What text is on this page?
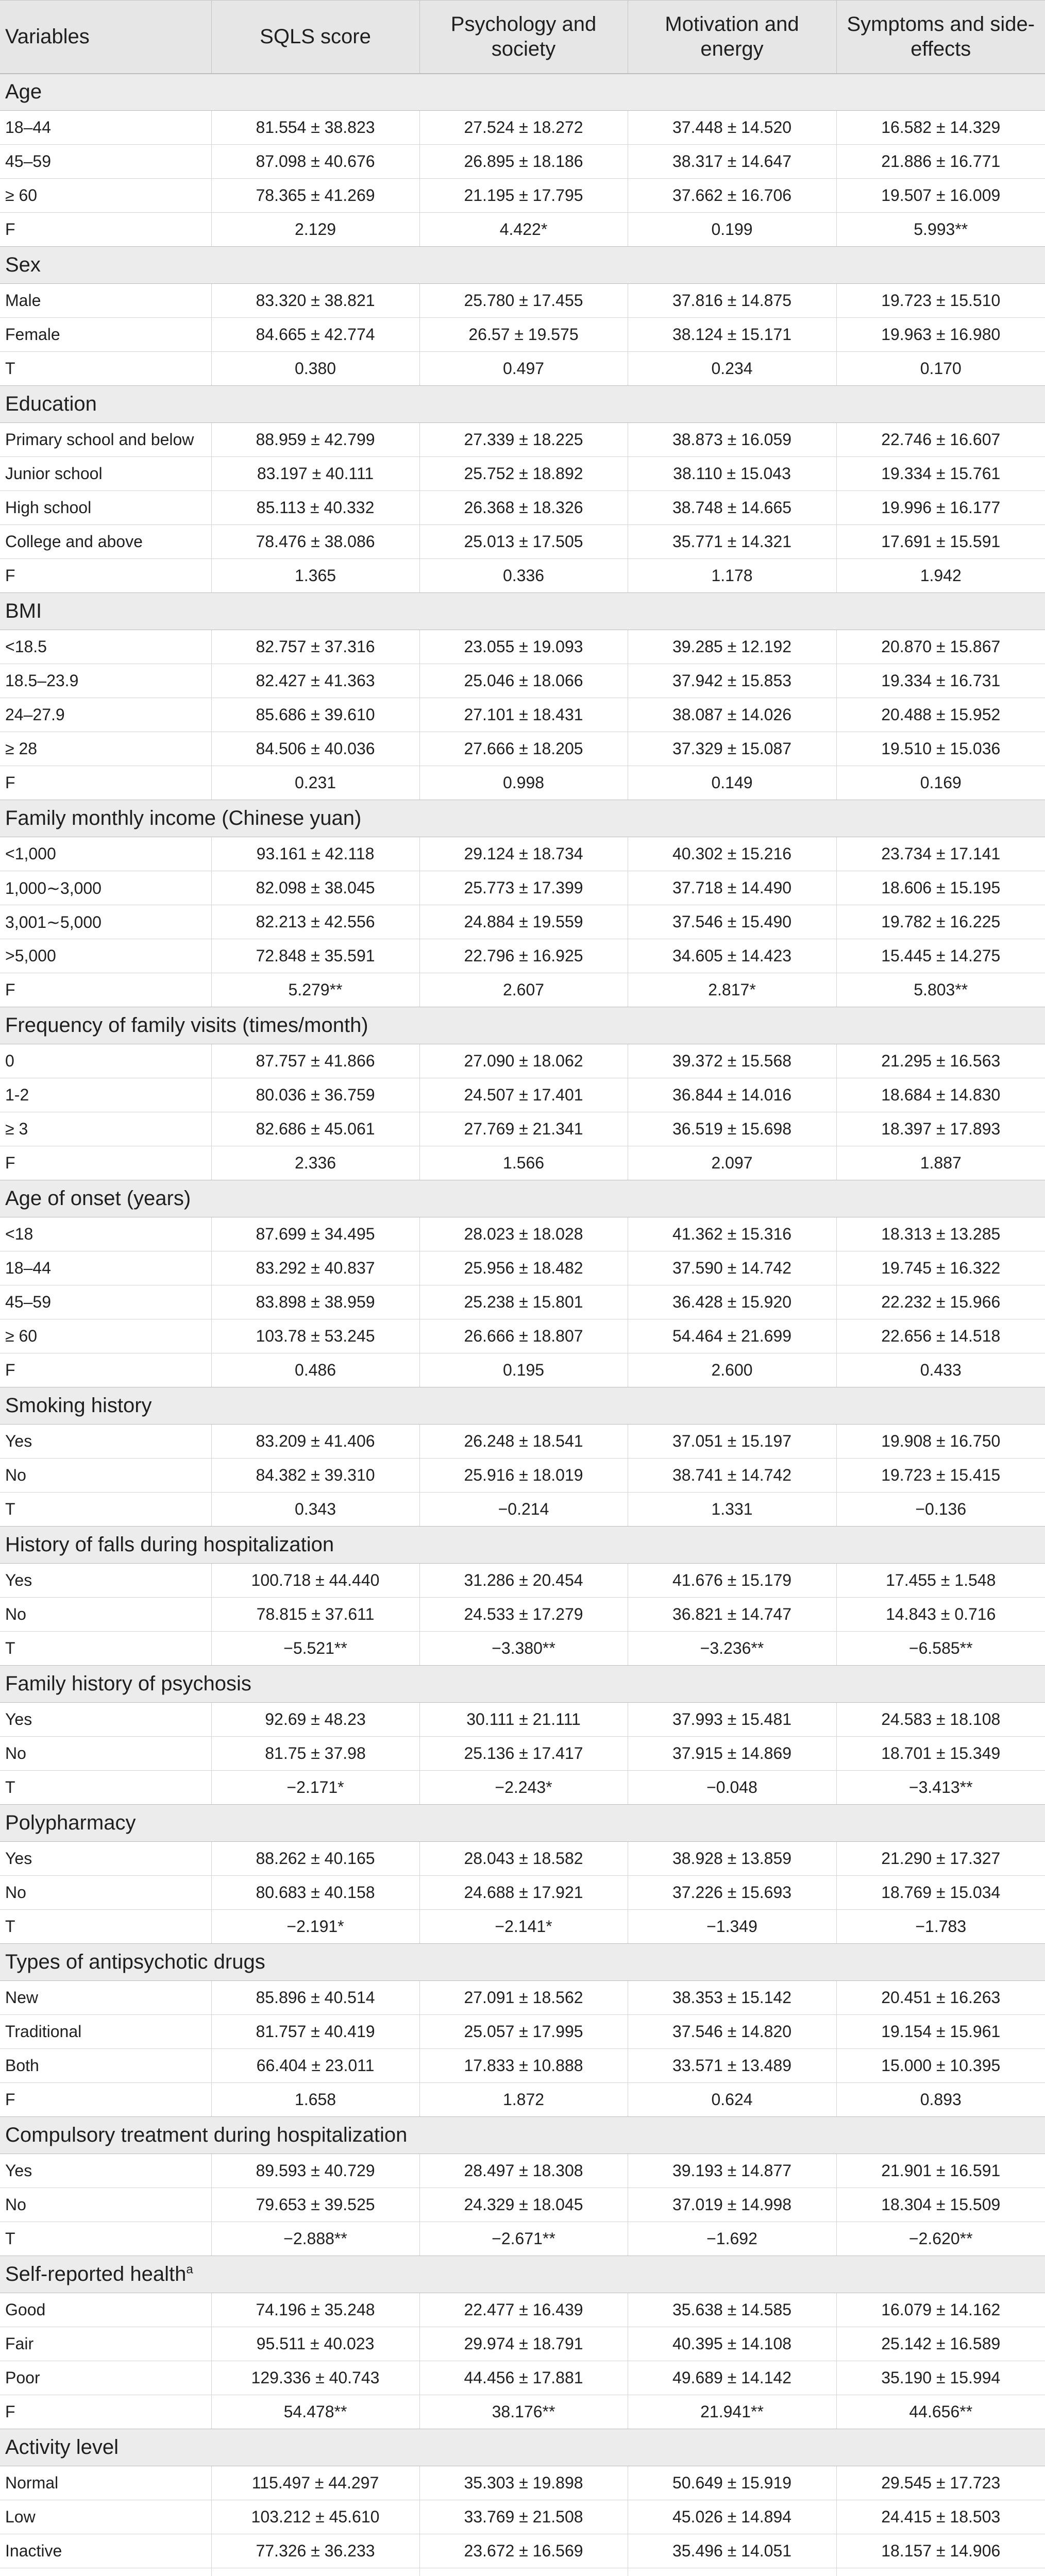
Variables	SQLS score	Psychology and society	Motivation and energy	Symptoms and side-effects
Age				
18–44	81.554 ± 38.823	27.524 ± 18.272	37.448 ± 14.520	16.582 ± 14.329
45–59	87.098 ± 40.676	26.895 ± 18.186	38.317 ± 14.647	21.886 ± 16.771
≥ 60	78.365 ± 41.269	21.195 ± 17.795	37.662 ± 16.706	19.507 ± 16.009
F	2.129	4.422*	0.199	5.993**
Sex				
Male	83.320 ± 38.821	25.780 ± 17.455	37.816 ± 14.875	19.723 ± 15.510
Female	84.665 ± 42.774	26.57 ± 19.575	38.124 ± 15.171	19.963 ± 16.980
T	0.380	0.497	0.234	0.170
Education				
Primary school and below	88.959 ± 42.799	27.339 ± 18.225	38.873 ± 16.059	22.746 ± 16.607
Junior school	83.197 ± 40.111	25.752 ± 18.892	38.110 ± 15.043	19.334 ± 15.761
High school	85.113 ± 40.332	26.368 ± 18.326	38.748 ± 14.665	19.996 ± 16.177
College and above	78.476 ± 38.086	25.013 ± 17.505	35.771 ± 14.321	17.691 ± 15.591
F	1.365	0.336	1.178	1.942
BMI				
<18.5	82.757 ± 37.316	23.055 ± 19.093	39.285 ± 12.192	20.870 ± 15.867
18.5–23.9	82.427 ± 41.363	25.046 ± 18.066	37.942 ± 15.853	19.334 ± 16.731
24–27.9	85.686 ± 39.610	27.101 ± 18.431	38.087 ± 14.026	20.488 ± 15.952
≥ 28	84.506 ± 40.036	27.666 ± 18.205	37.329 ± 15.087	19.510 ± 15.036
F	0.231	0.998	0.149	0.169
Family monthly income (Chinese yuan)				
<1,000	93.161 ± 42.118	29.124 ± 18.734	40.302 ± 15.216	23.734 ± 17.141
1,000∼3,000	82.098 ± 38.045	25.773 ± 17.399	37.718 ± 14.490	18.606 ± 15.195
3,001∼5,000	82.213 ± 42.556	24.884 ± 19.559	37.546 ± 15.490	19.782 ± 16.225
>5,000	72.848 ± 35.591	22.796 ± 16.925	34.605 ± 14.423	15.445 ± 14.275
F	5.279**	2.607	2.817*	5.803**
Frequency of family visits (times/month)				
0	87.757 ± 41.866	27.090 ± 18.062	39.372 ± 15.568	21.295 ± 16.563
1-2	80.036 ± 36.759	24.507 ± 17.401	36.844 ± 14.016	18.684 ± 14.830
≥ 3	82.686 ± 45.061	27.769 ± 21.341	36.519 ± 15.698	18.397 ± 17.893
F	2.336	1.566	2.097	1.887
Age of onset (years)				
<18	87.699 ± 34.495	28.023 ± 18.028	41.362 ± 15.316	18.313 ± 13.285
18–44	83.292 ± 40.837	25.956 ± 18.482	37.590 ± 14.742	19.745 ± 16.322
45–59	83.898 ± 38.959	25.238 ± 15.801	36.428 ± 15.920	22.232 ± 15.966
≥ 60	103.78 ± 53.245	26.666 ± 18.807	54.464 ± 21.699	22.656 ± 14.518
F	0.486	0.195	2.600	0.433
Smoking history				
Yes	83.209 ± 41.406	26.248 ± 18.541	37.051 ± 15.197	19.908 ± 16.750
No	84.382 ± 39.310	25.916 ± 18.019	38.741 ± 14.742	19.723 ± 15.415
T	0.343	−0.214	1.331	−0.136
History of falls during hospitalization				
Yes	100.718 ± 44.440	31.286 ± 20.454	41.676 ± 15.179	17.455 ± 1.548
No	78.815 ± 37.611	24.533 ± 17.279	36.821 ± 14.747	14.843 ± 0.716
T	−5.521**	−3.380**	−3.236**	−6.585**
Family history of psychosis				
Yes	92.69 ± 48.23	30.111 ± 21.111	37.993 ± 15.481	24.583 ± 18.108
No	81.75 ± 37.98	25.136 ± 17.417	37.915 ± 14.869	18.701 ± 15.349
T	−2.171*	−2.243*	−0.048	−3.413**
Polypharmacy				
Yes	88.262 ± 40.165	28.043 ± 18.582	38.928 ± 13.859	21.290 ± 17.327
No	80.683 ± 40.158	24.688 ± 17.921	37.226 ± 15.693	18.769 ± 15.034
T	−2.191*	−2.141*	−1.349	−1.783
Types of antipsychotic drugs				
New	85.896 ± 40.514	27.091 ± 18.562	38.353 ± 15.142	20.451 ± 16.263
Traditional	81.757 ± 40.419	25.057 ± 17.995	37.546 ± 14.820	19.154 ± 15.961
Both	66.404 ± 23.011	17.833 ± 10.888	33.571 ± 13.489	15.000 ± 10.395
F	1.658	1.872	0.624	0.893
Compulsory treatment during hospitalization				
Yes	89.593 ± 40.729	28.497 ± 18.308	39.193 ± 14.877	21.901 ± 16.591
No	79.653 ± 39.525	24.329 ± 18.045	37.019 ± 14.998	18.304 ± 15.509
T	−2.888**	−2.671**	−1.692	−2.620**
Self-reported health$^a$
Good	74.196 ± 35.248	22.477 ± 16.439	35.638 ± 14.585	16.079 ± 14.162
Fair	95.511 ± 40.023	29.974 ± 18.791	40.395 ± 14.108	25.142 ± 16.589
Poor	129.336 ± 40.743	44.456 ± 17.881	49.689 ± 14.142	35.190 ± 15.994
F	54.478**	38.176**	21.941**	44.656**
Activity level				
Normal	115.497 ± 44.297	35.303 ± 19.898	50.649 ± 15.919	29.545 ± 17.723
Low	103.212 ± 45.610	33.769 ± 21.508	45.026 ± 14.894	24.415 ± 18.503
Inactive	77.326 ± 36.233	23.672 ± 16.569	35.496 ± 14.051	18.157 ± 14.906
